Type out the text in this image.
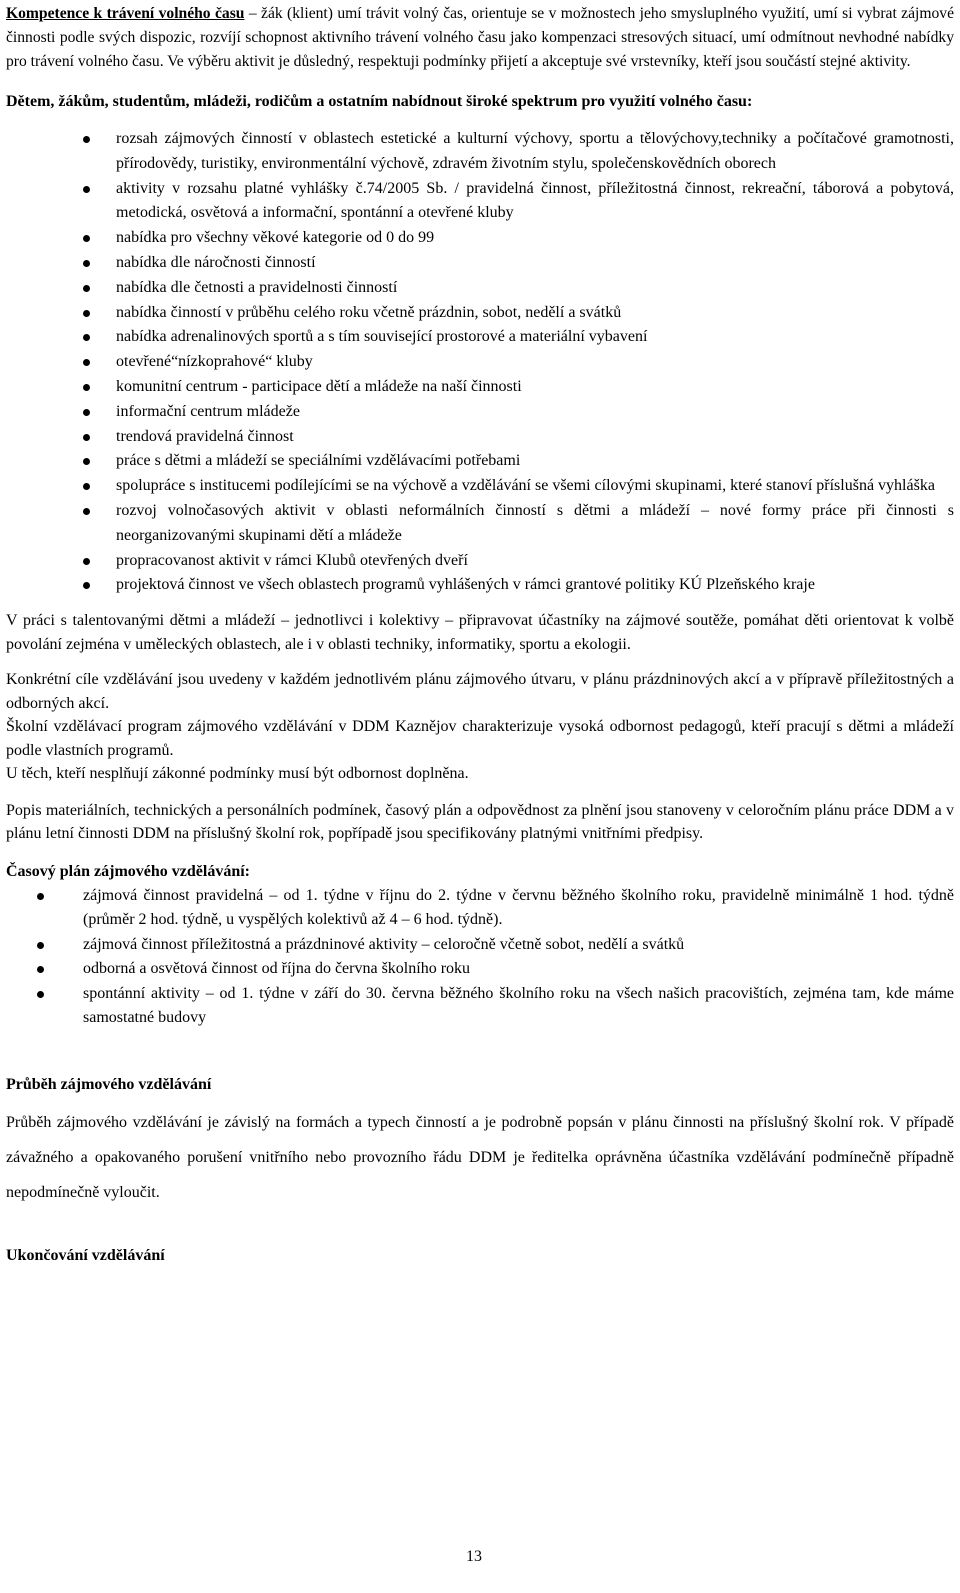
Kompetence k trávení volného času – žák (klient) umí trávit volný čas, orientuje se v možnostech jeho smysluplného využití, umí si vybrat zájmové činnosti podle svých dispozic, rozvíjí schopnost aktivního trávení volného času jako kompenzaci stresových situací, umí odmítnout nevhodné nabídky pro trávení volného času. Ve výběru aktivit je důsledný, respektuji podmínky přijetí a akceptuje své vrstevníky, kteří jsou součástí stejné aktivity.

Dětem, žákům, studentům, mládeži, rodičům a ostatním nabídnout široké spektrum pro využití volného času:

rozsah zájmových činností v oblastech estetické a kulturní výchovy, sportu a tělovýchovy,techniky a počítačové gramotnosti, přírodovědy, turistiky, environmentální výchově, zdravém životním stylu, společenskovědních oborech
aktivity v rozsahu platné vyhlášky č.74/2005 Sb. / pravidelná činnost, příležitostná činnost, rekreační, táborová a pobytová, metodická, osvětová a informační, spontánní a otevřené kluby
nabídka pro všechny věkové kategorie od 0 do 99
nabídka dle náročnosti činností
nabídka dle četnosti a pravidelnosti činností
nabídka činností v průběhu celého roku včetně prázdnin, sobot, nedělí a svátků
nabídka adrenalinových sportů a s tím související prostorové a materiální vybavení
otevřené“nízkoprahové“ kluby
komunitní centrum - participace dětí a mládeže na naší činnosti
informační centrum mládeže
trendová pravidelná činnost
práce s dětmi a mládeží se speciálními vzdělávacími potřebami
spolupráce s institucemi podílejícími se na výchově a vzdělávání se všemi cílovými skupinami, které stanoví příslušná vyhláška
rozvoj volnočasových aktivit v oblasti neformálních činností s dětmi a mládeží – nové formy práce při činnosti s neorganizovanými skupinami dětí a mládeže
propracovanost aktivit v rámci Klubů otevřených dveří
projektová činnost ve všech oblastech programů vyhlášených v rámci grantové politiky KÚ Plzeňského kraje

V práci s talentovanými dětmi a mládeží – jednotlivci i kolektivy – připravovat účastníky na zájmové soutěže, pomáhat děti orientovat k volbě povolání zejména v uměleckých oblastech, ale i v oblasti techniky, informatiky, sportu a ekologii.

Konkrétní cíle vzdělávání jsou uvedeny v každém jednotlivém plánu zájmového útvaru, v plánu prázdninových akcí a v přípravě příležitostných a odborných akcí.

Školní vzdělávací program zájmového vzdělávání v DDM Kaznějov charakterizuje vysoká odbornost pedagogů, kteří pracují s dětmi a mládeží podle vlastních programů.

U těch, kteří nesplňují zákonné podmínky musí být odbornost doplněna.

Popis materiálních, technických a personálních podmínek, časový plán a odpovědnost za plnění jsou stanoveny v celoročním plánu práce DDM a v plánu letní činnosti DDM na příslušný školní rok, popřípadě jsou specifikovány platnými vnitřními předpisy.

Časový plán zájmového vzdělávání:

zájmová činnost pravidelná – od 1. týdne v říjnu do 2. týdne v červnu běžného školního roku, pravidelně minimálně 1 hod. týdně (průměr 2 hod. týdně, u vyspělých kolektivů až 4 – 6 hod. týdně).
zájmová činnost příležitostná a prázdninové aktivity – celoročně včetně sobot, nedělí a svátků
odborná a osvětová činnost od října do června školního roku
spontánní aktivity – od 1. týdne v září do 30. června běžného školního roku na všech našich pracovištích, zejména tam, kde máme samostatné budovy

Průběh zájmového vzdělávání

Průběh zájmového vzdělávání je závislý na formách a typech činností a je podrobně popsán v plánu činnosti na příslušný školní rok. V případě závažného a opakovaného porušení vnitřního nebo provozního řádu DDM je ředitelka oprávněna účastníka vzdělávání podmínečně případně nepodmínečně vyloučit.

Ukončování vzdělávání

13
